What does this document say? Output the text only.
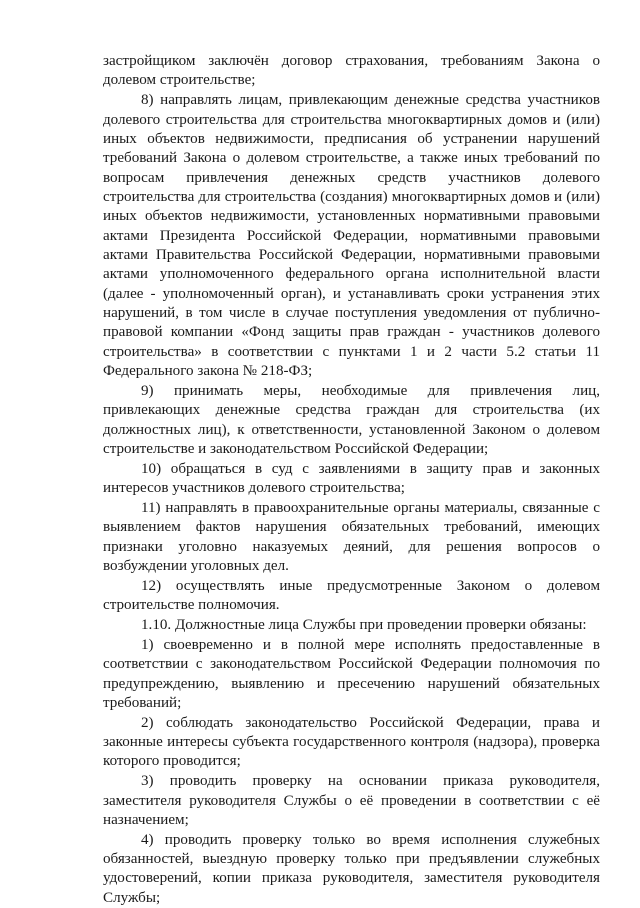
застройщиком заключён договор страхования, требованиям Закона о долевом строительстве;

8) направлять лицам, привлекающим денежные средства участников долевого строительства для строительства многоквартирных домов и (или) иных объектов недвижимости, предписания об устранении нарушений требований Закона о долевом строительстве, а также иных требований по вопросам привлечения денежных средств участников долевого строительства для строительства (создания) многоквартирных домов и (или) иных объектов недвижимости, установленных нормативными правовыми актами Президента Российской Федерации, нормативными правовыми актами Правительства Российской Федерации, нормативными правовыми актами уполномоченного федерального органа исполнительной власти (далее - уполномоченный орган), и устанавливать сроки устранения этих нарушений, в том числе в случае поступления уведомления от публично-правовой компании «Фонд защиты прав граждан - участников долевого строительства» в соответствии с пунктами 1 и 2 части 5.2 статьи 11 Федерального закона № 218-ФЗ;

9) принимать меры, необходимые для привлечения лиц, привлекающих денежные средства граждан для строительства (их должностных лиц), к ответственности, установленной Законом о долевом строительстве и законодательством Российской Федерации;

10) обращаться в суд с заявлениями в защиту прав и законных интересов участников долевого строительства;

11) направлять в правоохранительные органы материалы, связанные с выявлением фактов нарушения обязательных требований, имеющих признаки уголовно наказуемых деяний, для решения вопросов о возбуждении уголовных дел.

12) осуществлять иные предусмотренные Законом о долевом строительстве полномочия.

1.10. Должностные лица Службы при проведении проверки обязаны:

1) своевременно и в полной мере исполнять предоставленные в соответствии с законодательством Российской Федерации полномочия по предупреждению, выявлению и пресечению нарушений обязательных требований;

2) соблюдать законодательство Российской Федерации, права и законные интересы субъекта государственного контроля (надзора), проверка которого проводится;

3) проводить проверку на основании приказа руководителя, заместителя руководителя Службы о её проведении в соответствии с её назначением;

4) проводить проверку только во время исполнения служебных обязанностей, выездную проверку только при предъявлении служебных удостоверений, копии приказа руководителя, заместителя руководителя Службы;
